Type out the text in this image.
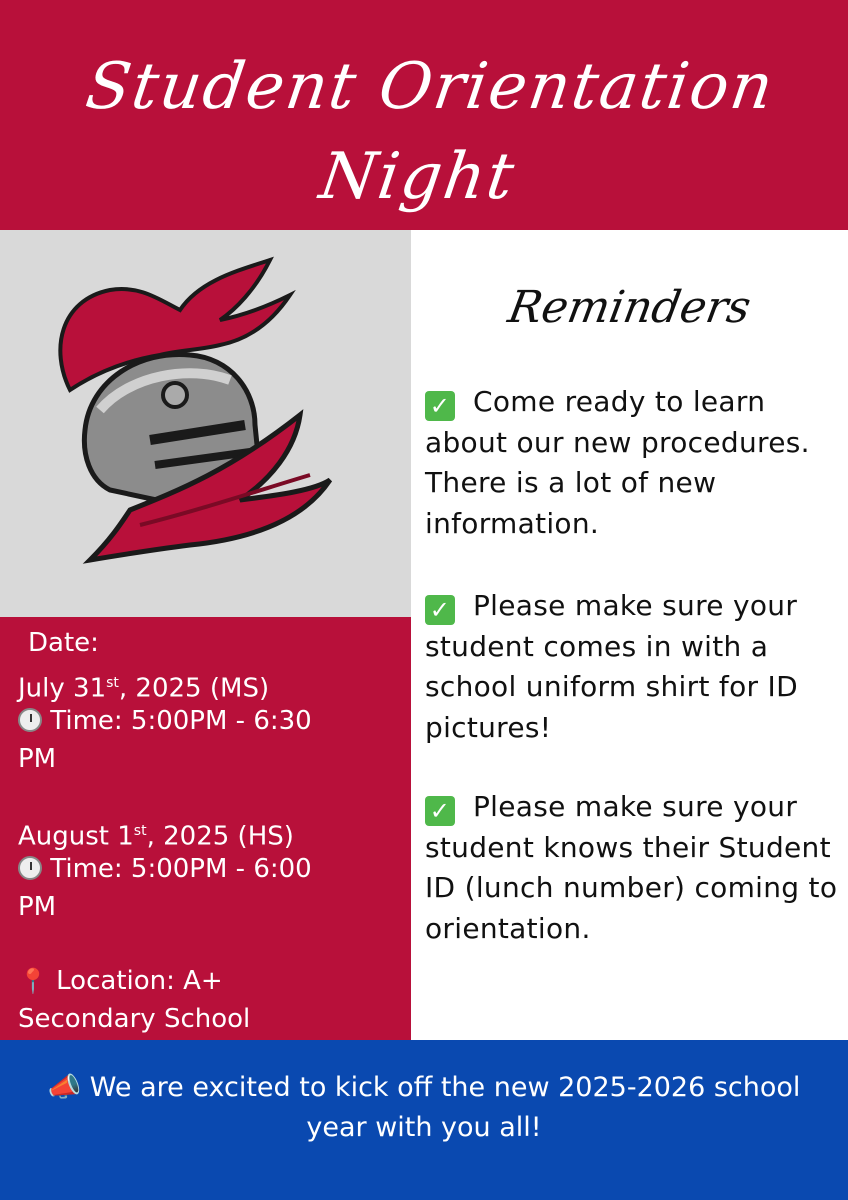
Student Orientation
Night
Date:
July 31st, 2025 (MS)
Time: 5:00PM - 6:30
PM
August 1st, 2025 (HS)
Time: 5:00PM - 6:00
PM
📍 Location: A+
Secondary School
Reminders
✓ Come ready to learn about our new procedures. There is a lot of new information.
✓ Please make sure your student comes in with a school uniform shirt for ID pictures!
✓ Please make sure your student knows their Student ID (lunch number) coming to orientation.
📣 We are excited to kick off the new 2025-2026 school year with you all!
